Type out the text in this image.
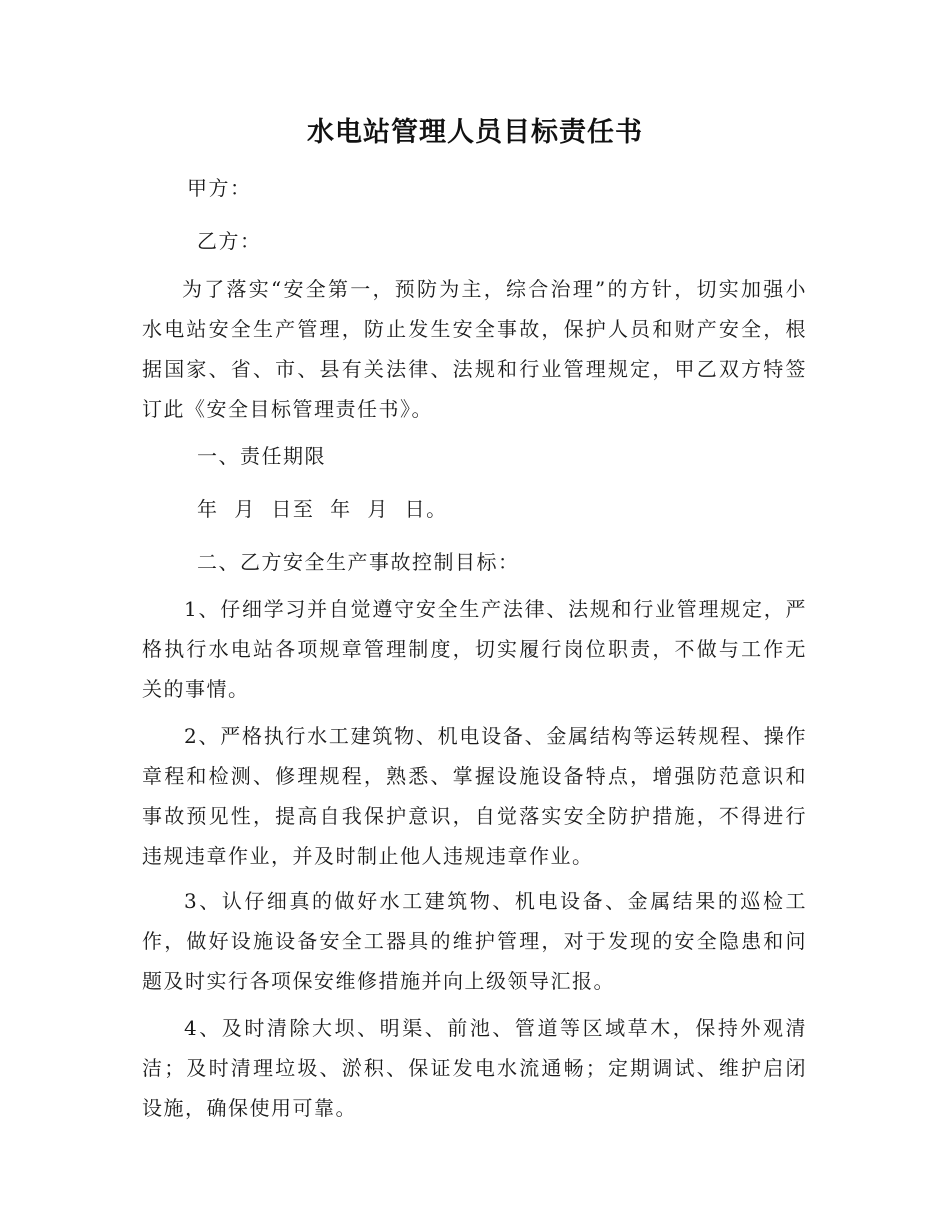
水电站管理人员目标责任书
甲方：
乙方：
为了落实“安全第一，预防为主，综合治理”的方针，切实加强小水电站安全生产管理，防止发生安全事故，保护人员和财产安全，根据国家、省、市、县有关法律、法规和行业管理规定，甲乙双方特签订此《安全目标管理责任书》。
一、责任期限
年  月  日至  年  月  日。
二、乙方安全生产事故控制目标：
1、仔细学习并自觉遵守安全生产法律、法规和行业管理规定，严格执行水电站各项规章管理制度，切实履行岗位职责，不做与工作无关的事情。
2、严格执行水工建筑物、机电设备、金属结构等运转规程、操作章程和检测、修理规程，熟悉、掌握设施设备特点，增强防范意识和事故预见性，提高自我保护意识，自觉落实安全防护措施，不得进行违规违章作业，并及时制止他人违规违章作业。
3、认仔细真的做好水工建筑物、机电设备、金属结果的巡检工作，做好设施设备安全工器具的维护管理，对于发现的安全隐患和问题及时实行各项保安维修措施并向上级领导汇报。
4、及时清除大坝、明渠、前池、管道等区域草木，保持外观清洁；及时清理垃圾、淤积、保证发电水流通畅；定期调试、维护启闭设施，确保使用可靠。
